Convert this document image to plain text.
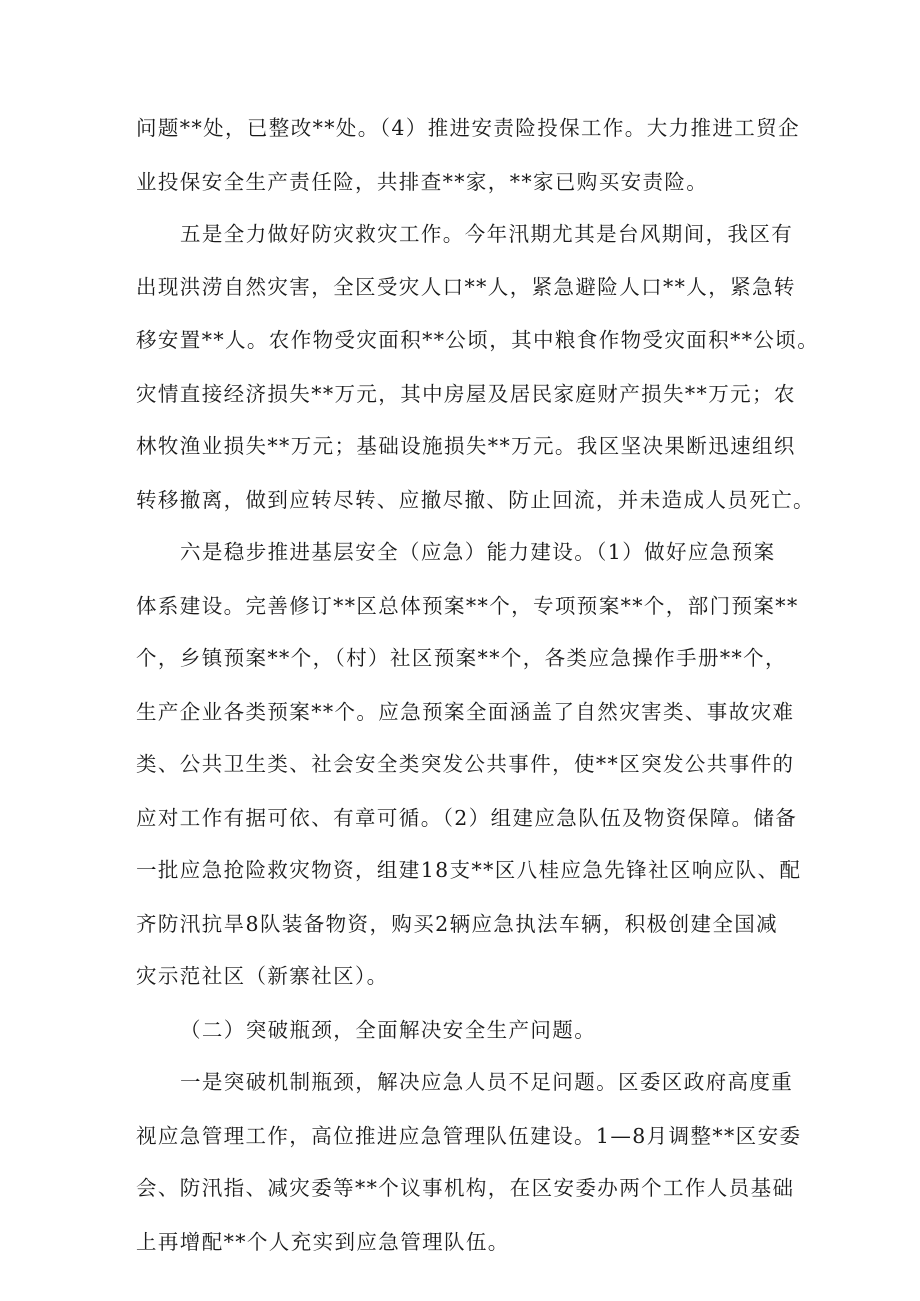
问题**处，已整改**处。（4）推进安责险投保工作。大力推进工贸企
业投保安全生产责任险，共排查**家，**家已购买安责险。
五是全力做好防灾救灾工作。今年汛期尤其是台风期间，我区有
出现洪涝自然灾害，全区受灾人口**人，紧急避险人口**人，紧急转
移安置**人。农作物受灾面积**公顷，其中粮食作物受灾面积**公顷。
灾情直接经济损失**万元，其中房屋及居民家庭财产损失**万元；农
林牧渔业损失**万元；基础设施损失**万元。我区坚决果断迅速组织
转移撤离，做到应转尽转、应撤尽撤、防止回流，并未造成人员死亡。
六是稳步推进基层安全（应急）能力建设。（1）做好应急预案
体系建设。完善修订**区总体预案**个，专项预案**个，部门预案**
个，乡镇预案**个，（村）社区预案**个，各类应急操作手册**个，
生产企业各类预案**个。应急预案全面涵盖了自然灾害类、事故灾难
类、公共卫生类、社会安全类突发公共事件，使**区突发公共事件的
应对工作有据可依、有章可循。（2）组建应急队伍及物资保障。储备
一批应急抢险救灾物资，组建18支**区八桂应急先锋社区响应队、配
齐防汛抗旱8队装备物资，购买2辆应急执法车辆，积极创建全国减
灾示范社区（新寨社区）。
（二）突破瓶颈，全面解决安全生产问题。
一是突破机制瓶颈，解决应急人员不足问题。区委区政府高度重
视应急管理工作，高位推进应急管理队伍建设。1—8月调整**区安委
会、防汛指、减灾委等**个议事机构，在区安委办两个工作人员基础
上再增配**个人充实到应急管理队伍。
